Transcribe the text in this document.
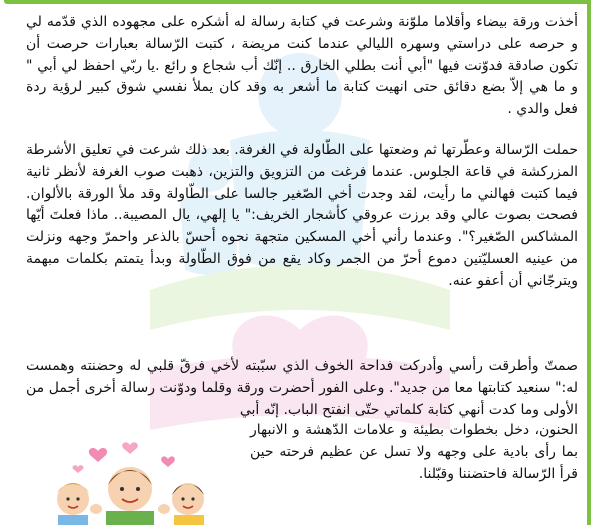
أخذت ورقة بيضاء وأقلاما ملوّنة وشرعت في كتابة رسالة له أشكره على مجهوده الذي قدّمه لي و حرصه على دراستي وسهره الليالي عندما كنت مريضة ، كتبت الرّسالة بعبارات حرصت أن تكون صادقة فدوّنت فيها "أبي أنت بطلي الخارق .. إنّك أب شجاع و رائع .يا ربّي احفظ لي أبي " و ما هي إلاّ بضع دقائق حتى انهيت كتابة ما أشعر به وقد كان يملأ نفسي شوق كبير لرؤية ردة فعل والدي .

حملت الرّسالة وعطّرتها ثم وضعتها على الطّاولة في الغرفة. بعد ذلك شرعت في تعليق الأشرطة المزركشة في قاعة الجلوس. عندما فرغت من التزويق والتزين، ذهبت صوب الغرفة لأنظر ثانية فيما كتبت فهالني ما رأيت، لقد وجدت أخي الصّغير جالسا على الطّاولة وقد ملأ الورقة بالألوان. فصحت بصوت عالي وقد برزت عروقي كأشجار الخريف:" يا إلهي، يال المصيبة.. ماذا فعلتَ أيّها المشاكس الصّغير؟". وعندما رأني أخي المسكين متجهة نحوه أحسّ بالذعر واحمرّ وجهه ونزلت من عينيه العسليّتين دموع أحرّ من الجمر وكاد يقع من فوق الطّاولة وبدأ يتمتم بكلمات مبهمة ويترجّاني أن أعفو عنه.

صمتّ وأطرقت رأسي وأدركت فداحة الخوف الذي سبّبته لأخي فرقّ قلبي له وحضنته وهمست له:" سنعيد كتابتها معا من جديد". وعلى الفور أحضرت ورقة وقلما ودوّنت رسالة أخرى أجمل من الأولى وما كدت أنهي كتابة كلماتي حتّى انفتح الباب. إنّه أبي

الحنون، دخل بخطوات بطيئة و علامات الدّهشة و الانبهار بما رأى بادية على وجهه ولا تسل عن عظيم فرحته حين قرأ الرّسالة فاحتضننا وقبّلنا.
